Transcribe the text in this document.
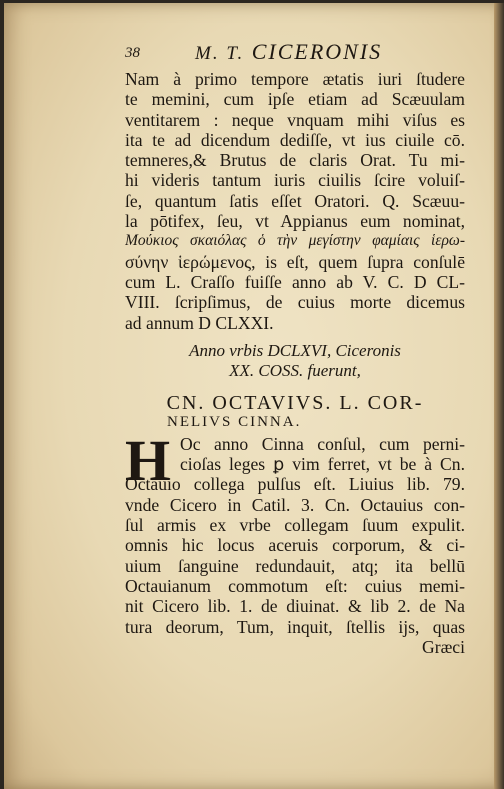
38	M. T. CICERONIS
Nam à primo tempore ætatis iuri ſtudere
te memini, cum ipſe etiam ad Scæuulam
ventitarem : neque vnquam mihi viſus es
ita te ad dicendum dediſſe, vt ius ciuile cō.
temneres,& Brutus de claris Orat. Tu mi-
hi videris tantum iuris ciuilis ſcire voluiſ-
ſe, quantum ſatis eſſet Oratori. Q. Scæuu-
la pōtifex, ſeu, vt Appianus eum nominat,
Μούκιος σκαιόλας ὁ τὴν μεγίστην φαμίαις ἱερω-
σύνην ἱερώμενος, is eſt, quem ſupra conſulē
cum L. Craſſo fuiſſe anno ab V. C. D CL-
VIII. ſcripſimus, de cuius morte dicemus
ad annum D CLXXI.
Anno vrbis DCLXVI, Ciceronis
XX. COSS. fuerunt,
CN. OCTAVIVS. L. COR-
NELIVS CINNA.
H Oc anno Cinna conſul, cum perni-
cioſas leges ꝑ vim ferret, vt be à Cn.
Octauio collega pulſus eſt. Liuius lib. 79.
vnde Cicero in Catil. 3. Cn. Octauius con-
ſul armis ex vrbe collegam ſuum expulit.
omnis hic locus aceruis corporum, & ci-
uium ſanguine redundauit, atq; ita bellū
Octauianum commotum eſt: cuius memi-
nit Cicero lib. 1. de diuinat. & lib 2. de Na
tura deorum, Tum, inquit, ſtellis ijs, quas
Græci
